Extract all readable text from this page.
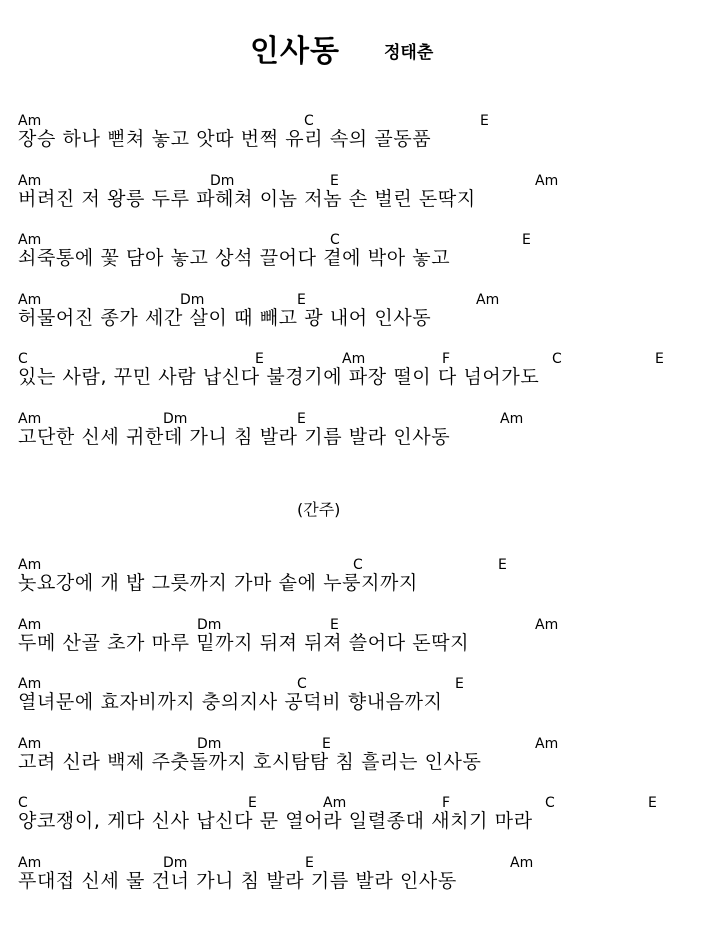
인사동	정태춘
Am	C	E
장승 하나 뻗쳐 놓고 앗따 번쩍 유리 속의 골동품
Am	Dm	E	Am
버려진 저 왕릉 두루 파헤쳐 이놈 저놈 손 벌린 돈딱지
Am	C	E
쇠죽통에 꽃 담아 놓고 상석 끌어다 곁에 박아 놓고
Am	Dm	E	Am
허물어진 종가 세간 살이 때 빼고 광 내어 인사동
C	E	Am	F	C	E
있는 사람, 꾸민 사람 납신다 불경기에 파장 떨이 다 넘어가도
Am	Dm	E	Am
고단한 신세 귀한데 가니 침 발라 기름 발라 인사동
(간주)
Am	C	E
놋요강에 개 밥 그릇까지 가마 솥에 누룽지까지
Am	Dm	E	Am
두메 산골 초가 마루 밑까지 뒤져 뒤져 쓸어다 돈딱지
Am	C	E
열녀문에 효자비까지 충의지사 공덕비 향내음까지
Am	Dm	E	Am
고려 신라 백제 주춧돌까지 호시탐탐 침 흘리는 인사동
C	E	Am	F	C	E
양코쟁이, 게다 신사 납신다 문 열어라 일렬종대 새치기 마라
Am	Dm	E	Am
푸대접 신세 물 건너 가니 침 발라 기름 발라 인사동
